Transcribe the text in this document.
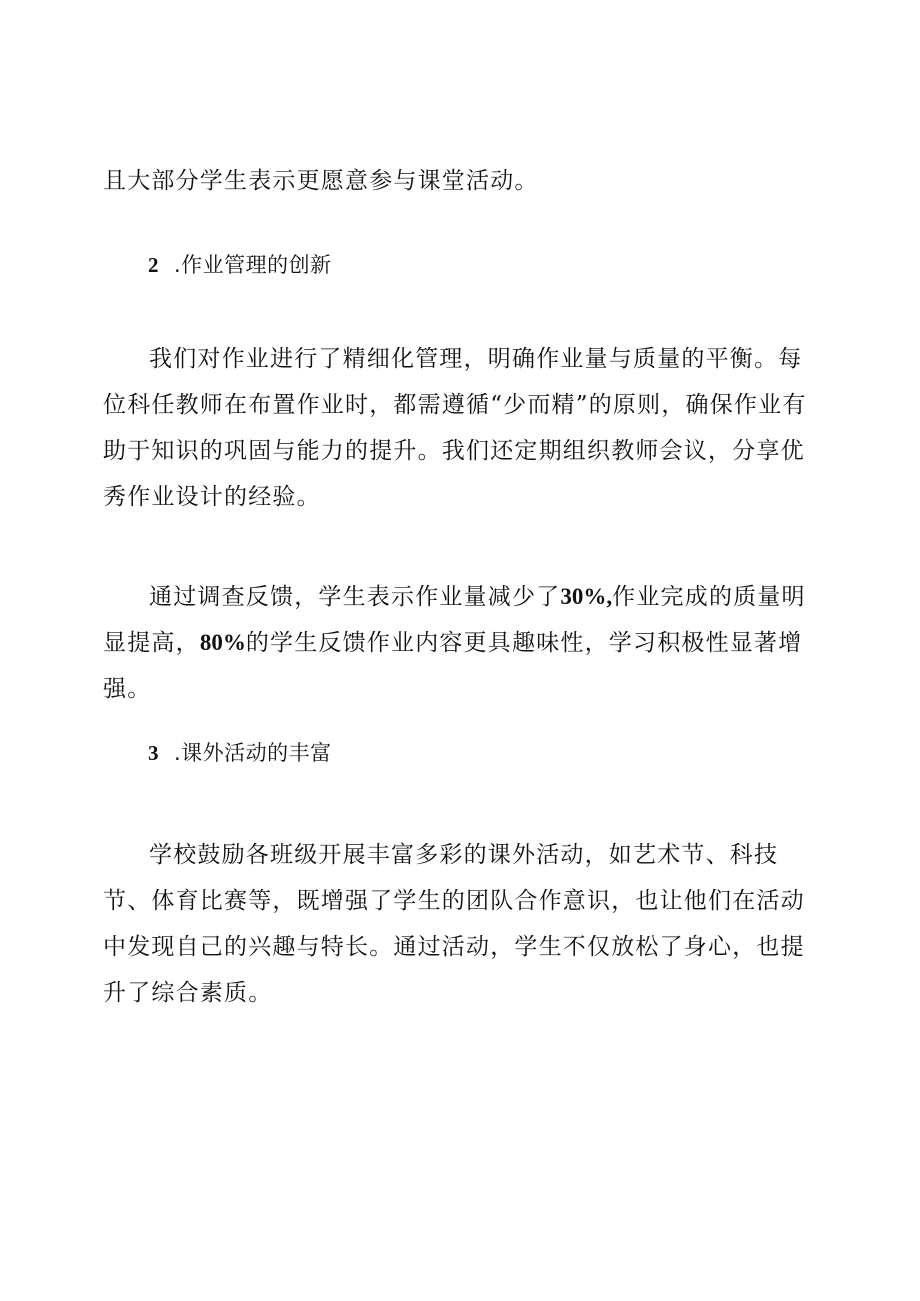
且大部分学生表示更愿意参与课堂活动。

2 .作业管理的创新

我们对作业进行了精细化管理，明确作业量与质量的平衡。每位科任教师在布置作业时，都需遵循“少而精”的原则，确保作业有助于知识的巩固与能力的提升。我们还定期组织教师会议，分享优秀作业设计的经验。

通过调查反馈，学生表示作业量减少了30%,作业完成的质量明显提高，80%的学生反馈作业内容更具趣味性，学习积极性显著增强。

3 .课外活动的丰富

学校鼓励各班级开展丰富多彩的课外活动，如艺术节、科技节、体育比赛等，既增强了学生的团队合作意识，也让他们在活动中发现自己的兴趣与特长。通过活动，学生不仅放松了身心，也提升了综合素质。
